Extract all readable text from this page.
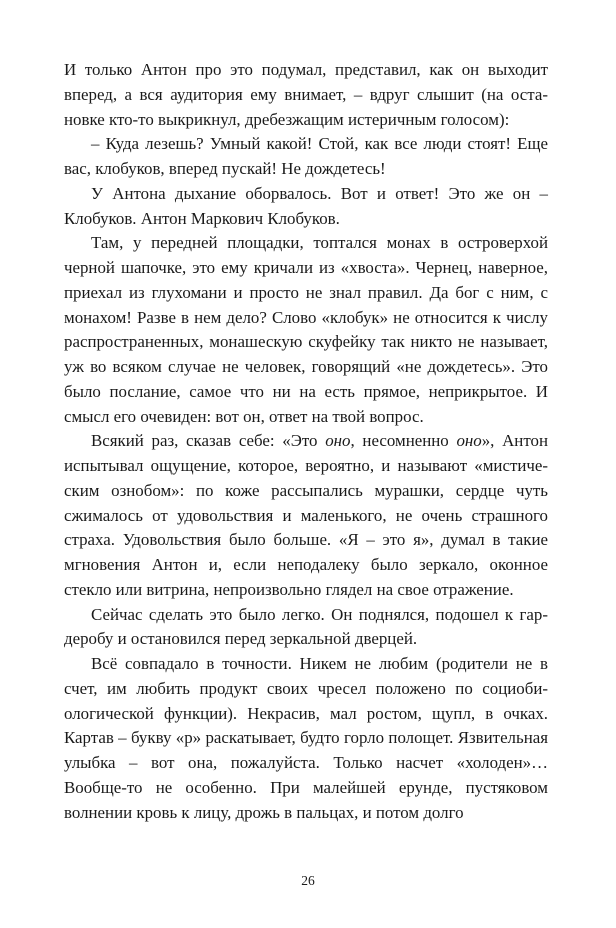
И только Антон про это подумал, представил, как он выходит вперед, а вся аудитория ему внимает, – вдруг слышит (на остановке кто-то выкрикнул, дребезжащим истеричным голосом):

– Куда лезешь? Умный какой! Стой, как все люди стоят! Еще вас, клобуков, вперед пускай! Не дождетесь!

У Антона дыхание оборвалось. Вот и ответ! Это же он – Клобуков. Антон Маркович Клобуков.

Там, у передней площадки, топтался монах в островерхой черной шапочке, это ему кричали из «хвоста». Чернец, наверное, приехал из глухомани и просто не знал правил. Да бог с ним, с монахом! Разве в нем дело? Слово «клобук» не относится к числу распространенных, монашескую скуфейку так никто не называет, уж во всяком случае не человек, говорящий «не дождетесь». Это было послание, самое что ни на есть прямое, неприкрытое. И смысл его очевиден: вот он, ответ на твой вопрос.

Всякий раз, сказав себе: «Это оно, несомненно оно», Антон испытывал ощущение, которое, вероятно, и называют «мистическим ознобом»: по коже рассыпались мурашки, сердце чуть сжималось от удовольствия и маленького, не очень страшного страха. Удовольствия было больше. «Я – это я», думал в такие мгновения Антон и, если неподалеку было зеркало, оконное стекло или витрина, непроизвольно глядел на свое отражение.

Сейчас сделать это было легко. Он поднялся, подошел к гардеробу и остановился перед зеркальной дверцей.

Всё совпадало в точности. Никем не любим (родители не в счет, им любить продукт своих чресел положено по социобиологической функции). Некрасив, мал ростом, щупл, в очках. Картав – букву «р» раскатывает, будто горло полощет. Язвительная улыбка – вот она, пожалуйста. Только насчет «холоден»… Вообще-то не особенно. При малейшей ерунде, пустяковом волнении кровь к лицу, дрожь в пальцах, и потом долго

26
